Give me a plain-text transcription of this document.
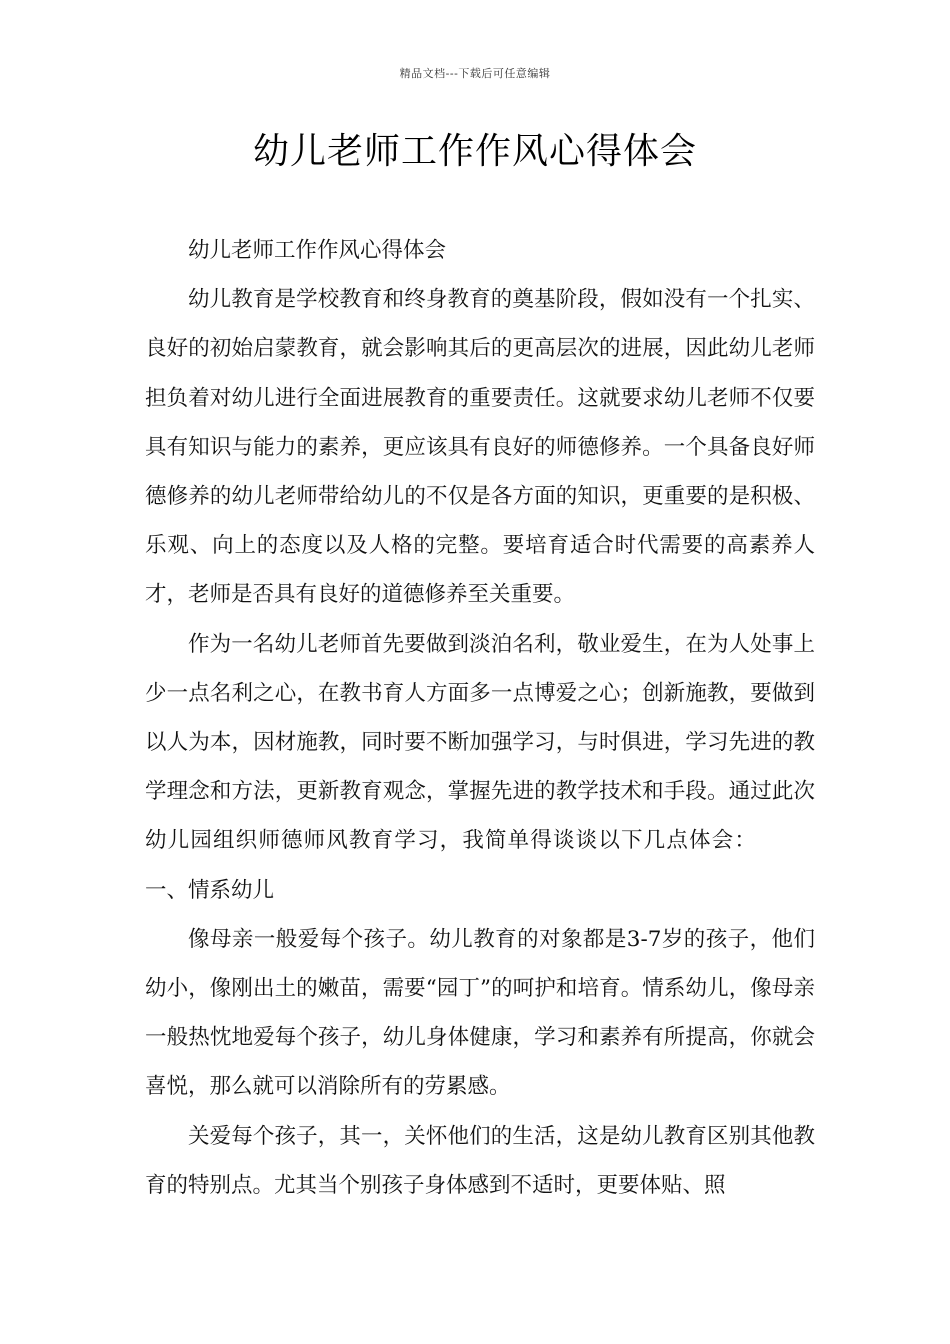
精品文档---下载后可任意编辑
幼儿老师工作作风心得体会

幼儿老师工作作风心得体会

幼儿教育是学校教育和终身教育的奠基阶段，假如没有一个扎实、良好的初始启蒙教育，就会影响其后的更高层次的进展，因此幼儿老师担负着对幼儿进行全面进展教育的重要责任。这就要求幼儿老师不仅要具有知识与能力的素养，更应该具有良好的师德修养。一个具备良好师德修养的幼儿老师带给幼儿的不仅是各方面的知识，更重要的是积极、乐观、向上的态度以及人格的完整。要培育适合时代需要的高素养人才，老师是否具有良好的道德修养至关重要。

作为一名幼儿老师首先要做到淡泊名利，敬业爱生，在为人处事上少一点名利之心，在教书育人方面多一点博爱之心；创新施教，要做到以人为本，因材施教，同时要不断加强学习，与时俱进，学习先进的教学理念和方法，更新教育观念，掌握先进的教学技术和手段。通过此次幼儿园组织师德师风教育学习，我简单得谈谈以下几点体会：一、情系幼儿

像母亲一般爱每个孩子。幼儿教育的对象都是3-7岁的孩子，他们幼小，像刚出土的嫩苗，需要“园丁”的呵护和培育。情系幼儿，像母亲一般热忱地爱每个孩子，幼儿身体健康，学习和素养有所提高，你就会喜悦，那么就可以消除所有的劳累感。

关爱每个孩子，其一，关怀他们的生活，这是幼儿教育区别其他教育的特别点。尤其当个别孩子身体感到不适时，更要体贴、照
